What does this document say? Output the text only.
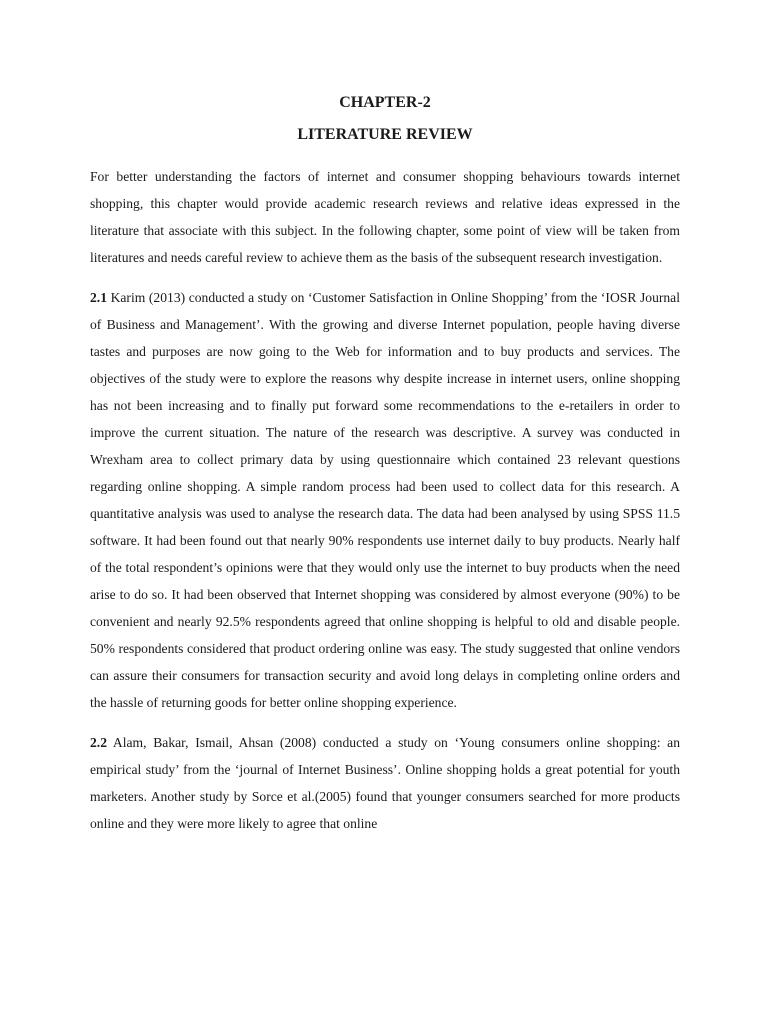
CHAPTER-2
LITERATURE REVIEW

For better understanding the factors of internet and consumer shopping behaviours towards internet shopping, this chapter would provide academic research reviews and relative ideas expressed in the literature that associate with this subject. In the following chapter, some point of view will be taken from literatures and needs careful review to achieve them as the basis of the subsequent research investigation.

2.1 Karim (2013) conducted a study on ‘Customer Satisfaction in Online Shopping’ from the ‘IOSR Journal of Business and Management’. With the growing and diverse Internet population, people having diverse tastes and purposes are now going to the Web for information and to buy products and services. The objectives of the study were to explore the reasons why despite increase in internet users, online shopping has not been increasing and to finally put forward some recommendations to the e-retailers in order to improve the current situation. The nature of the research was descriptive. A survey was conducted in Wrexham area to collect primary data by using questionnaire which contained 23 relevant questions regarding online shopping. A simple random process had been used to collect data for this research. A quantitative analysis was used to analyse the research data. The data had been analysed by using SPSS 11.5 software. It had been found out that nearly 90% respondents use internet daily to buy products. Nearly half of the total respondent’s opinions were that they would only use the internet to buy products when the need arise to do so. It had been observed that Internet shopping was considered by almost everyone (90%) to be convenient and nearly 92.5% respondents agreed that online shopping is helpful to old and disable people. 50% respondents considered that product ordering online was easy. The study suggested that online vendors can assure their consumers for transaction security and avoid long delays in completing online orders and the hassle of returning goods for better online shopping experience.

2.2 Alam, Bakar, Ismail, Ahsan (2008) conducted a study on ‘Young consumers online shopping: an empirical study’ from the ‘journal of Internet Business’. Online shopping holds a great potential for youth marketers. Another study by Sorce et al.(2005) found that younger consumers searched for more products online and they were more likely to agree that online
